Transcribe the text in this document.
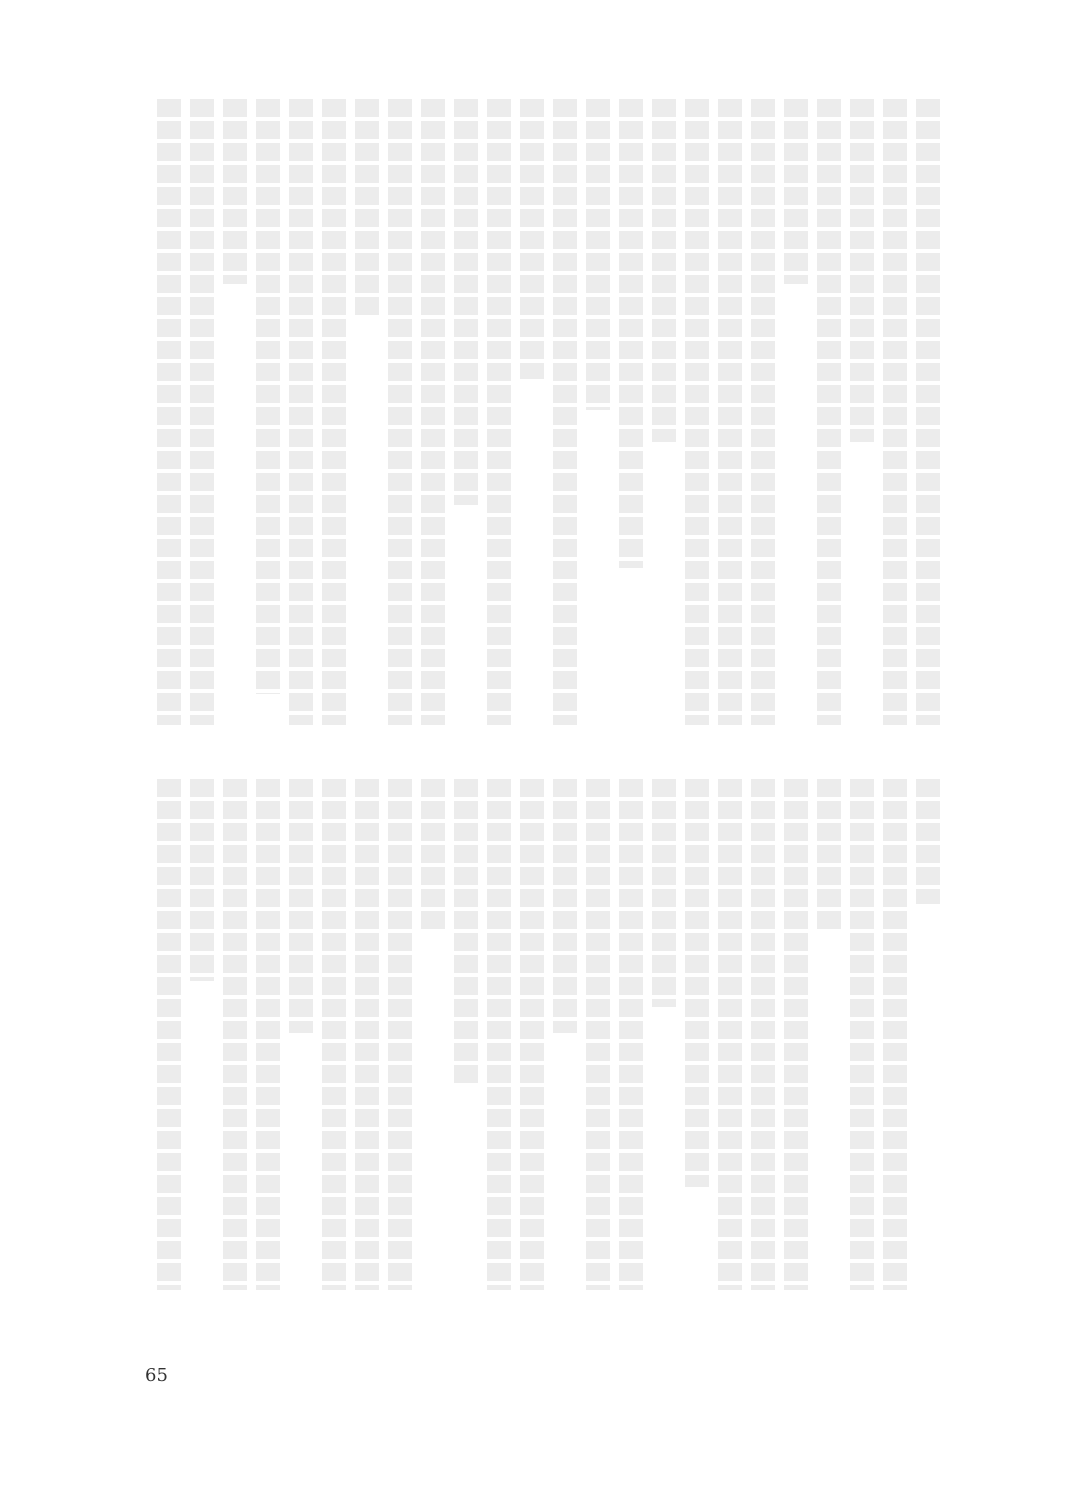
65
